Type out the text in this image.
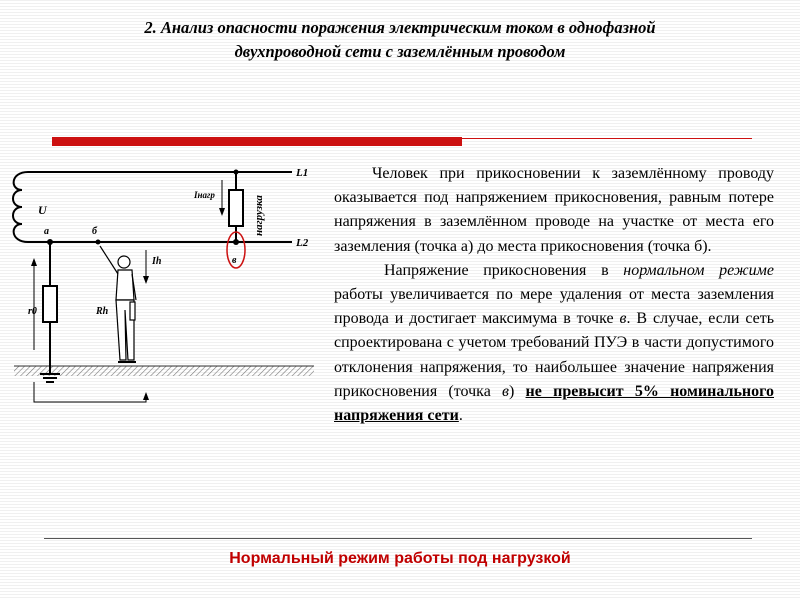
2. Анализ опасности поражения электрическим током в однофазной
двухпроводной сети с заземлённым проводом
U
а
r0
б
Rh
Ih	в
нагрузка
Iнагр
L1
L2

Человек при прикосновении к заземлённому проводу оказывается под напряжением прикосновения, равным потере напряжения в заземлённом проводе на участке от места его заземления (точка а) до места прикосновения (точка б).

Напряжение прикосновения в нормальном режиме работы увеличивается по мере удаления от места заземления провода и достигает максимума в точке в. В случае, если сеть спроектирована с учетом требований ПУЭ в части допустимого отклонения напряжения, то наибольшее значение напряжения прикосновения (точка в) не превысит 5% номинального напряжения сети.

Нормальный режим работы под нагрузкой
